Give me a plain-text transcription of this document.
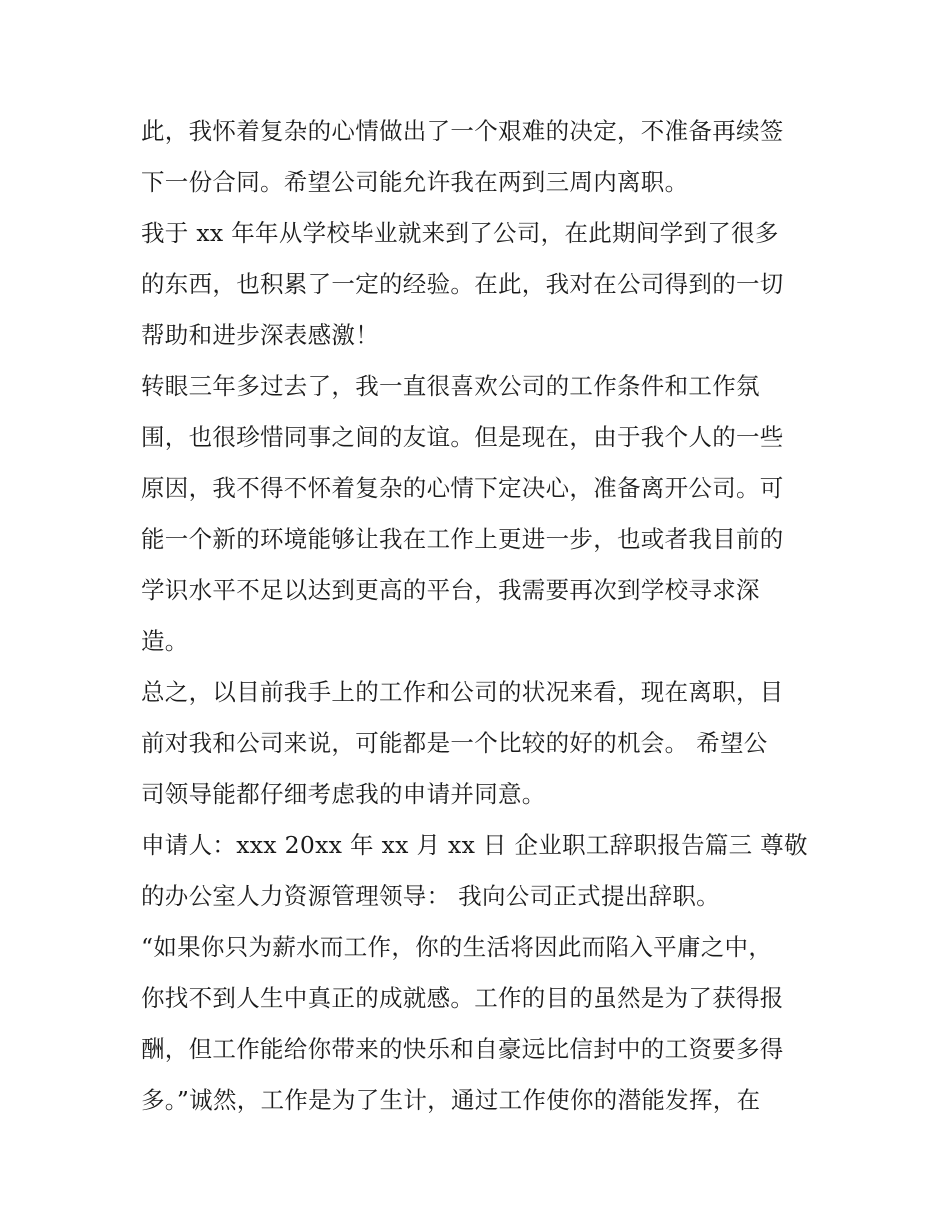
此，我怀着复杂的心情做出了一个艰难的决定，不准备再续签
下一份合同。希望公司能允许我在两到三周内离职。
我于 xx 年年从学校毕业就来到了公司，在此期间学到了很多
的东西，也积累了一定的经验。在此，我对在公司得到的一切
帮助和进步深表感激！
转眼三年多过去了，我一直很喜欢公司的工作条件和工作氛
围，也很珍惜同事之间的友谊。但是现在，由于我个人的一些
原因，我不得不怀着复杂的心情下定决心，准备离开公司。可
能一个新的环境能够让我在工作上更进一步，也或者我目前的
学识水平不足以达到更高的平台，我需要再次到学校寻求深
造。
总之，以目前我手上的工作和公司的状况来看，现在离职，目
前对我和公司来说，可能都是一个比较的好的机会。 希望公
司领导能都仔细考虑我的申请并同意。
申请人：xxx 20xx 年 xx 月 xx 日 企业职工辞职报告篇三 尊敬
的办公室人力资源管理领导： 我向公司正式提出辞职。
“如果你只为薪水而工作，你的生活将因此而陷入平庸之中，
你找不到人生中真正的成就感。工作的目的虽然是为了获得报
酬，但工作能给你带来的快乐和自豪远比信封中的工资要多得
多。”诚然，工作是为了生计，通过工作使你的潜能发挥，在
